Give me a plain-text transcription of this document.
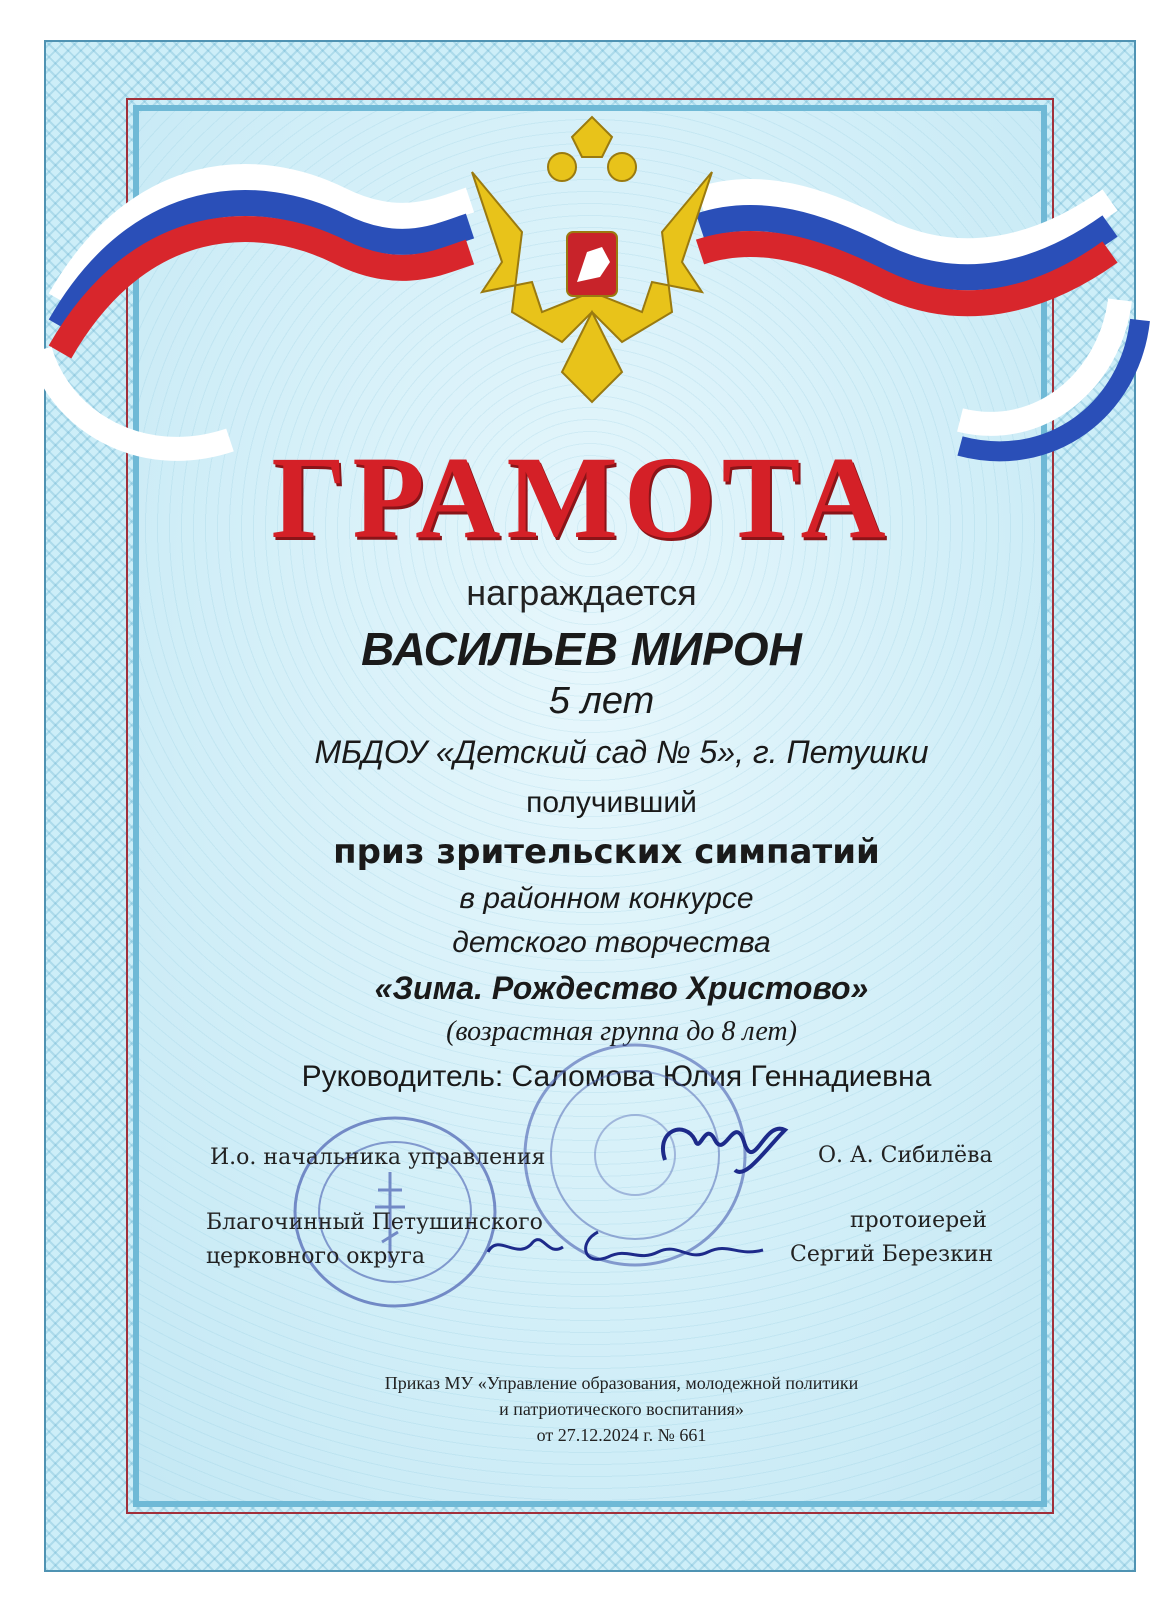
ГРАМОТА
награждается
ВАСИЛЬЕВ МИРОН
5 лет
МБДОУ «Детский сад № 5», г. Петушки
получивший
приз зрительских симпатий
в районном конкурсе
детского творчества
«Зима. Рождество Христово»
(возрастная группа до 8 лет)
Руководитель: Саломова Юлия Геннадиевна
И.о. начальника управления	О. А. Сибилёва
Благочинный Петушинского
церковного округа
протоиерей
Сергий Березкин
Приказ МУ «Управление образования, молодежной политики
и патриотического воспитания»
от 27.12.2024 г. № 661
